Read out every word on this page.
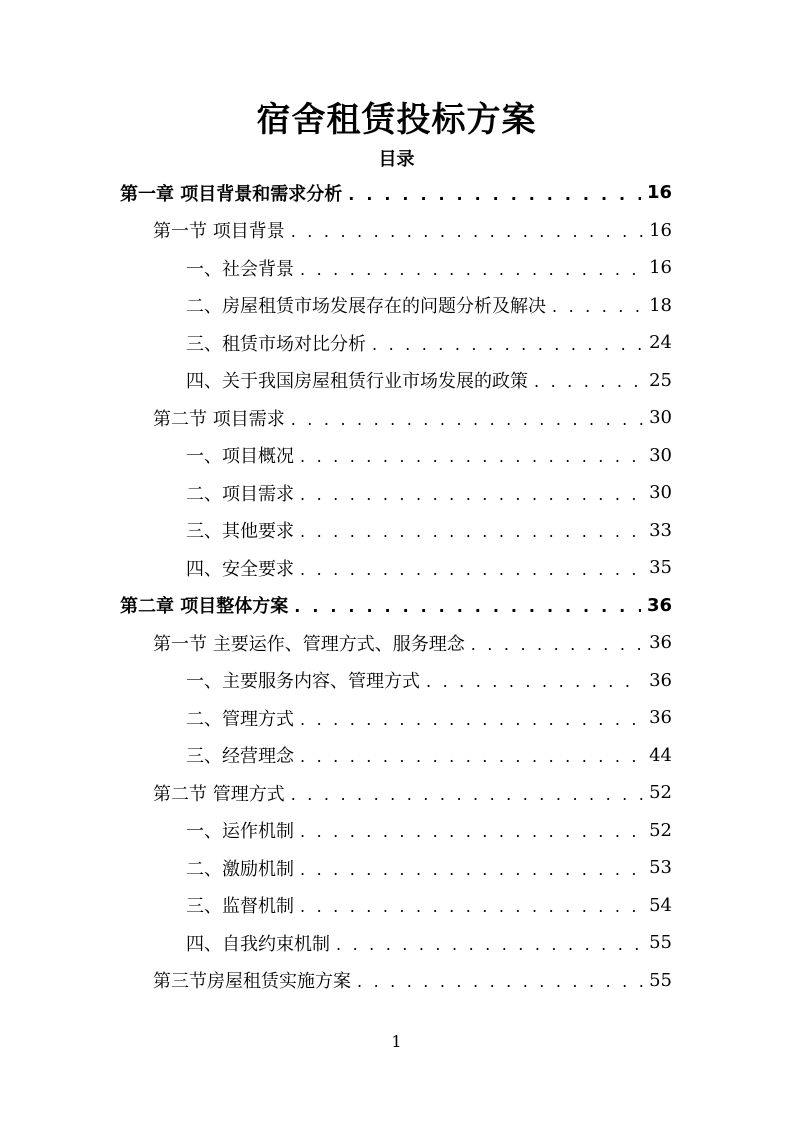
宿舍租赁投标方案
目录
第一章 项目背景和需求分析 . . .	16
第一节 项目背景 . . .	16
一、社会背景 . . .	16
二、房屋租赁市场发展存在的问题分析及解决 . . .	18
三、租赁市场对比分析 . . .	24
四、关于我国房屋租赁行业市场发展的政策 . . .	25
第二节 项目需求 . . .	30
一、项目概况 . . .	30
二、项目需求 . . .	30
三、其他要求 . . .	33
四、安全要求 . . .	35
第二章 项目整体方案 . . .	36
第一节 主要运作、管理方式、服务理念 . . .	36
一、主要服务内容、管理方式 . . .	36
二、管理方式 . . .	36
三、经营理念 . . .	44
第二节 管理方式 . . .	52
一、运作机制 . . .	52
二、激励机制 . . .	53
三、监督机制 . . .	54
四、自我约束机制 . . .	55
第三节房屋租赁实施方案 . . .	55
1
